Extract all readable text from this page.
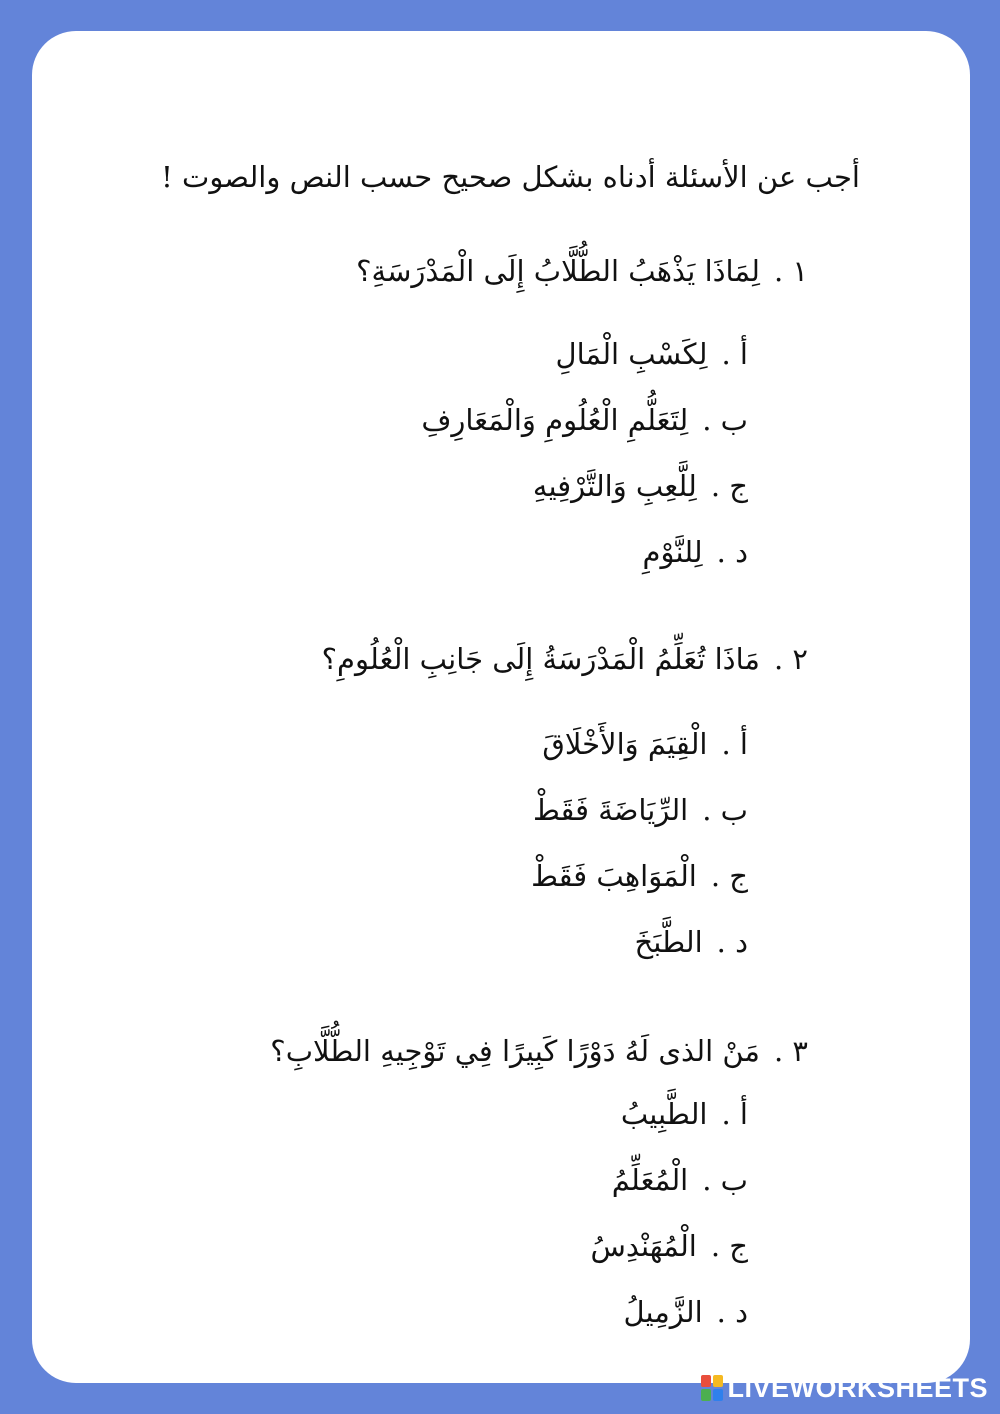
أجب عن الأسئلة أدناه بشكل صحيح حسب النص والصوت !
١ .لِمَاذَا يَذْهَبُ الطُّلَّابُ إِلَى الْمَدْرَسَةِ؟
أ .لِكَسْبِ الْمَالِ
ب .لِتَعَلُّمِ الْعُلُومِ وَالْمَعَارِفِ
ج .لِلَّعِبِ وَالتَّرْفِيهِ
د .لِلنَّوْمِ
٢ .مَاذَا تُعَلِّمُ الْمَدْرَسَةُ إِلَى جَانِبِ الْعُلُومِ؟
أ .الْقِيَمَ وَالأَخْلَاقَ
ب .الرِّيَاضَةَ فَقَطْ
ج .الْمَوَاهِبَ فَقَطْ
د .الطَّبَخَ
٣ .مَنْ الذى لَهُ دَوْرًا كَبِيرًا فِي تَوْجِيهِ الطُّلَّابِ؟
أ .الطَّبِيبُ
ب .الْمُعَلِّمُ
ج .الْمُهَنْدِسُ
د .الزَّمِيلُ
LIVEWORKSHEETS
